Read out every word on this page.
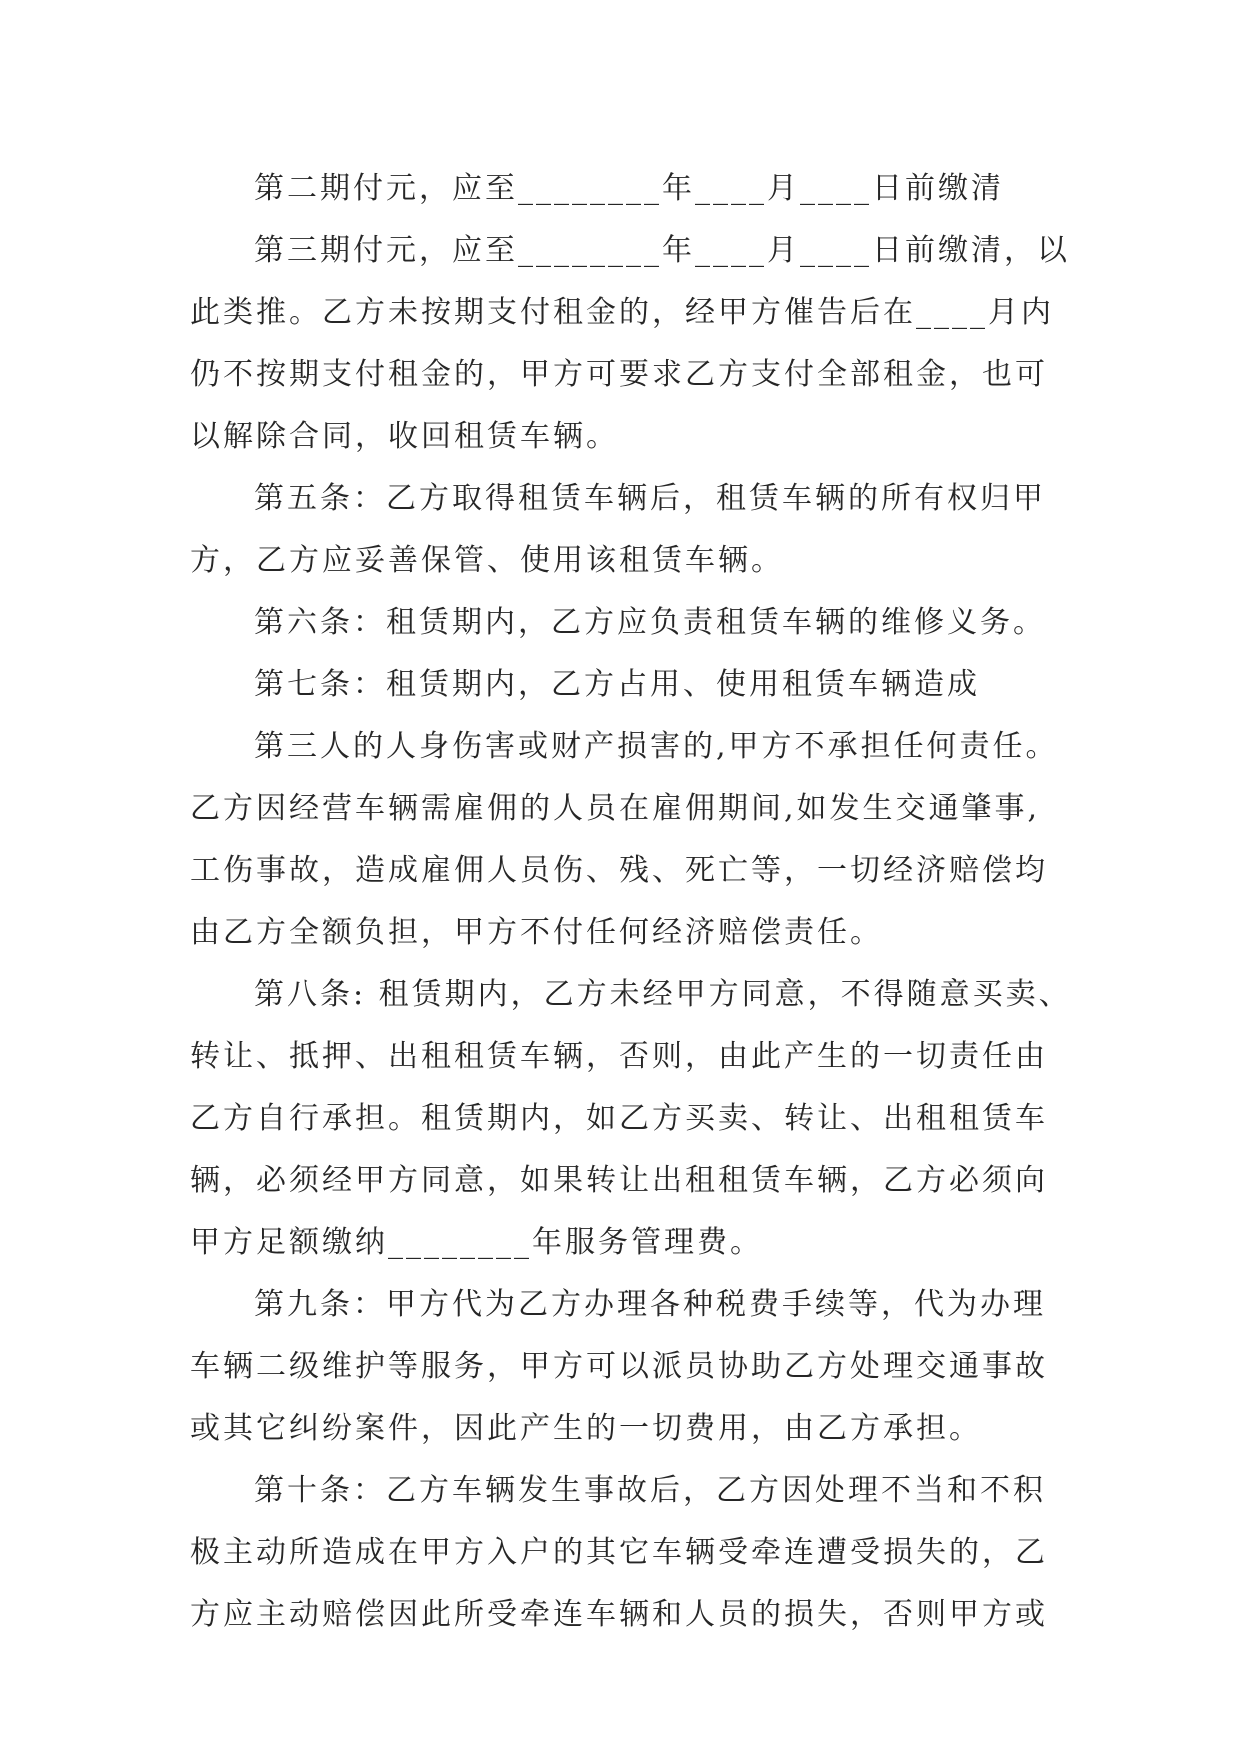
第二期付元，应至________年____月____日前缴清
第三期付元，应至________年____月____日前缴清，以
此类推。乙方未按期支付租金的，经甲方催告后在____月内
仍不按期支付租金的，甲方可要求乙方支付全部租金，也可
以解除合同，收回租赁车辆。
第五条：乙方取得租赁车辆后，租赁车辆的所有权归甲
方，乙方应妥善保管、使用该租赁车辆。
第六条：租赁期内，乙方应负责租赁车辆的维修义务。
第七条：租赁期内，乙方占用、使用租赁车辆造成
第三人的人身伤害或财产损害的,甲方不承担任何责任。
乙方因经营车辆需雇佣的人员在雇佣期间,如发生交通肇事,
工伤事故，造成雇佣人员伤、残、死亡等，一切经济赔偿均
由乙方全额负担，甲方不付任何经济赔偿责任。
第八条: 租赁期内，乙方未经甲方同意，不得随意买卖、
转让、抵押、出租租赁车辆，否则，由此产生的一切责任由
乙方自行承担。租赁期内，如乙方买卖、转让、出租租赁车
辆，必须经甲方同意，如果转让出租租赁车辆，乙方必须向
甲方足额缴纳________年服务管理费。
第九条：甲方代为乙方办理各种税费手续等，代为办理
车辆二级维护等服务，甲方可以派员协助乙方处理交通事故
或其它纠纷案件，因此产生的一切费用，由乙方承担。
第十条：乙方车辆发生事故后，乙方因处理不当和不积
极主动所造成在甲方入户的其它车辆受牵连遭受损失的，乙
方应主动赔偿因此所受牵连车辆和人员的损失，否则甲方或
